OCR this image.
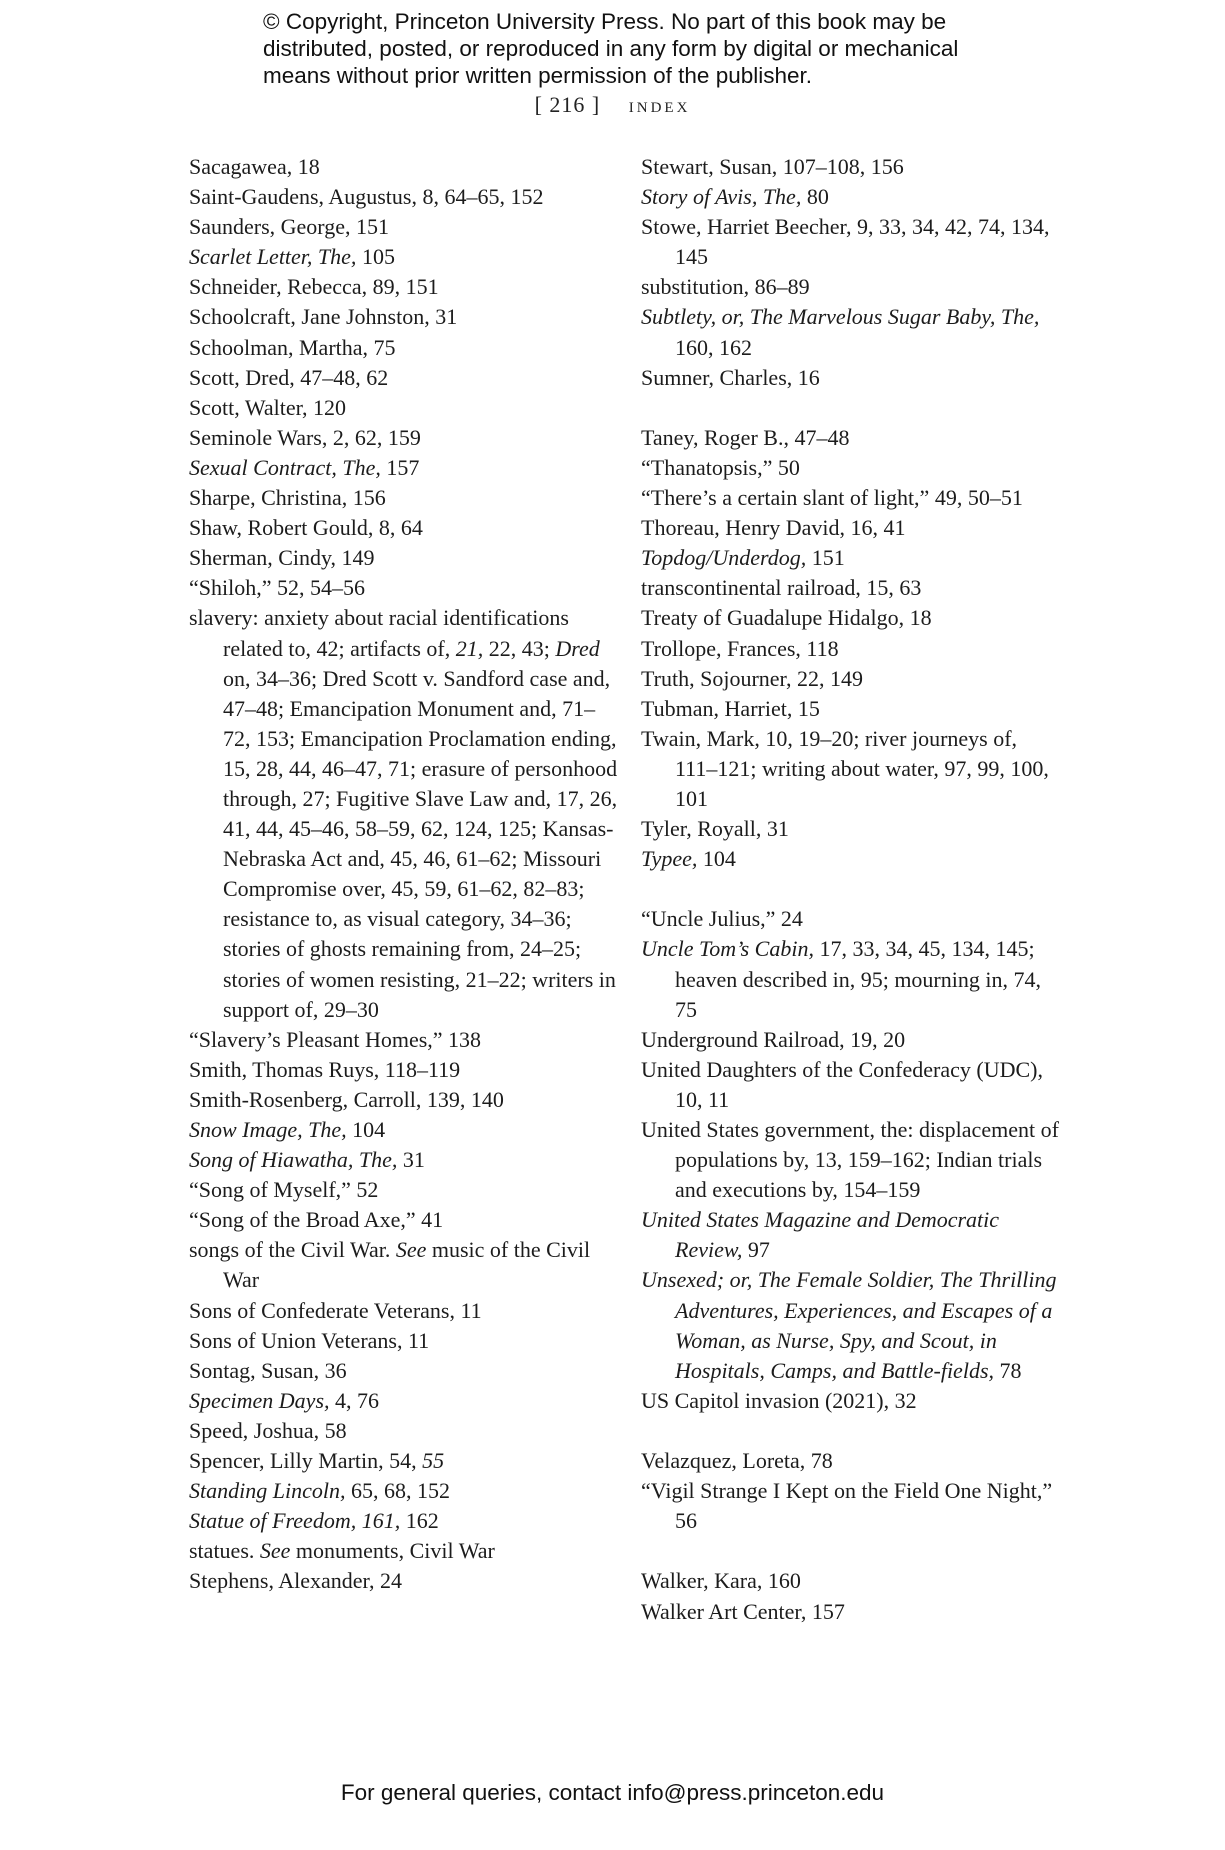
© Copyright, Princeton University Press. No part of this book may be
distributed, posted, or reproduced in any form by digital or mechanical
means without prior written permission of the publisher.
[ 216 ] index

Sacagawea, 18

Saint-Gaudens, Augustus, 8, 64–65, 152

Saunders, George, 151

Scarlet Letter, The, 105

Schneider, Rebecca, 89, 151

Schoolcraft, Jane Johnston, 31

Schoolman, Martha, 75

Scott, Dred, 47–48, 62

Scott, Walter, 120

Seminole Wars, 2, 62, 159

Sexual Contract, The, 157

Sharpe, Christina, 156

Shaw, Robert Gould, 8, 64

Sherman, Cindy, 149

“Shiloh,” 52, 54–56

slavery: anxiety about racial identifications related to, 42; artifacts of, 21, 22, 43; Dred on, 34–36; Dred Scott v. Sandford case and, 47–48; Emancipation Monument and, 71–72, 153; Emancipation Proclamation ending, 15, 28, 44, 46–47, 71; erasure of personhood through, 27; Fugitive Slave Law and, 17, 26, 41, 44, 45–46, 58–59, 62, 124, 125; Kansas-Nebraska Act and, 45, 46, 61–62; Missouri Compromise over, 45, 59, 61–62, 82–83; resistance to, as visual category, 34–36; stories of ghosts remaining from, 24–25; stories of women resisting, 21–22; writers in support of, 29–30

“Slavery’s Pleasant Homes,” 138

Smith, Thomas Ruys, 118–119

Smith-Rosenberg, Carroll, 139, 140

Snow Image, The, 104

Song of Hiawatha, The, 31

“Song of Myself,” 52

“Song of the Broad Axe,” 41

songs of the Civil War. See music of the Civil War

Sons of Confederate Veterans, 11

Sons of Union Veterans, 11

Sontag, Susan, 36

Specimen Days, 4, 76

Speed, Joshua, 58

Spencer, Lilly Martin, 54, 55

Standing Lincoln, 65, 68, 152

Statue of Freedom, 161, 162

statues. See monuments, Civil War

Stephens, Alexander, 24

Stewart, Susan, 107–108, 156

Story of Avis, The, 80

Stowe, Harriet Beecher, 9, 33, 34, 42, 74, 134, 145

substitution, 86–89

Subtlety, or, The Marvelous Sugar Baby, The, 160, 162

Sumner, Charles, 16

Taney, Roger B., 47–48

“Thanatopsis,” 50

“There’s a certain slant of light,” 49, 50–51

Thoreau, Henry David, 16, 41

Topdog/Underdog, 151

transcontinental railroad, 15, 63

Treaty of Guadalupe Hidalgo, 18

Trollope, Frances, 118

Truth, Sojourner, 22, 149

Tubman, Harriet, 15

Twain, Mark, 10, 19–20; river journeys of, 111–121; writing about water, 97, 99, 100, 101

Tyler, Royall, 31

Typee, 104

“Uncle Julius,” 24

Uncle Tom’s Cabin, 17, 33, 34, 45, 134, 145; heaven described in, 95; mourning in, 74, 75

Underground Railroad, 19, 20

United Daughters of the Confederacy (UDC), 10, 11

United States government, the: displacement of populations by, 13, 159–162; Indian trials and executions by, 154–159

United States Magazine and Democratic Review, 97

Unsexed; or, The Female Soldier, The Thrilling Adventures, Experiences, and Escapes of a Woman, as Nurse, Spy, and Scout, in Hospitals, Camps, and Battle-fields, 78

US Capitol invasion (2021), 32

Velazquez, Loreta, 78

“Vigil Strange I Kept on the Field One Night,” 56

Walker, Kara, 160

Walker Art Center, 157

For general queries, contact info@press.princeton.edu
